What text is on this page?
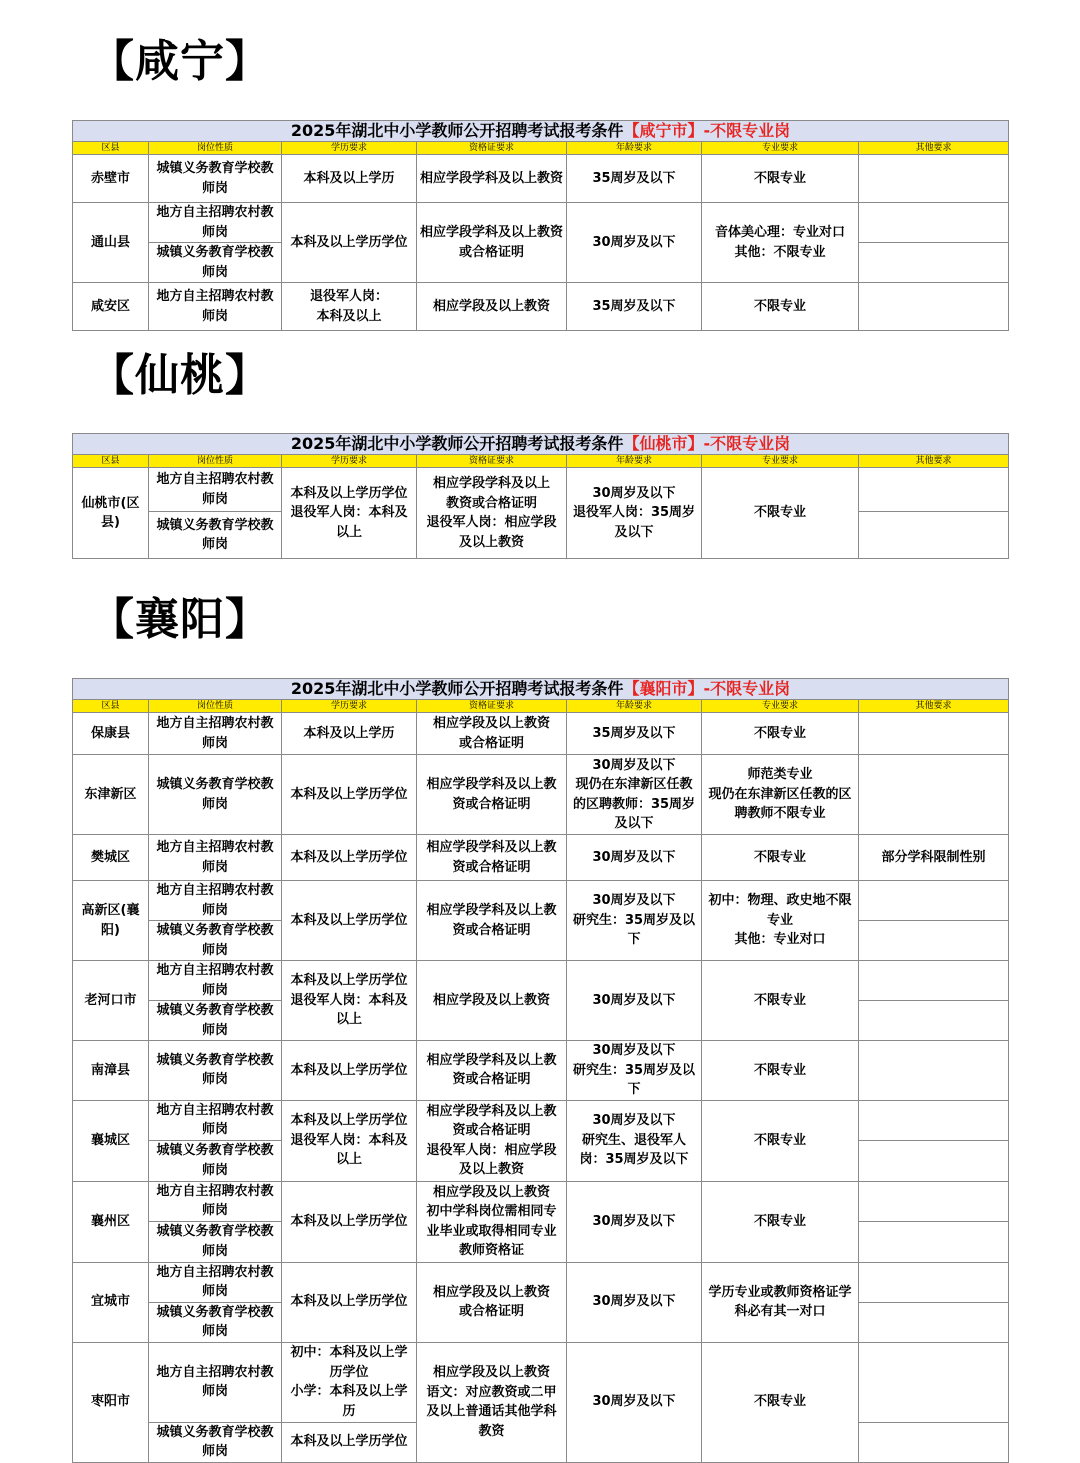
【咸宁】
2025年湖北中小学教师公开招聘考试报考条件【咸宁市】-不限专业岗						
区县	岗位性质	学历要求	资格证要求	年龄要求	专业要求	其他要求
赤壁市	城镇义务教育学校教师岗	本科及以上学历	相应学段学科及以上教资	35周岁及以下	不限专业	
通山县	地方自主招聘农村教师岗	本科及以上学历学位	相应学段学科及以上教资或合格证明	30周岁及以下	音体美心理：专业对口
其他：不限专业	
	城镇义务教育学校教师岗					
咸安区	地方自主招聘农村教师岗	退役军人岗：
本科及以上	相应学段及以上教资	35周岁及以下	不限专业	
【仙桃】
2025年湖北中小学教师公开招聘考试报考条件【仙桃市】-不限专业岗						
区县	岗位性质	学历要求	资格证要求	年龄要求	专业要求	其他要求
仙桃市(区县)	地方自主招聘农村教师岗	本科及以上学历学位
退役军人岗：本科及
以上	相应学段学科及以上
教资或合格证明
退役军人岗：相应学段
及以上教资	30周岁及以下
退役军人岗：35周岁
及以下	不限专业	
	城镇义务教育学校教师岗					
【襄阳】
2025年湖北中小学教师公开招聘考试报考条件【襄阳市】-不限专业岗						
区县	岗位性质	学历要求	资格证要求	年龄要求	专业要求	其他要求
保康县	地方自主招聘农村教师岗	本科及以上学历	相应学段及以上教资
或合格证明	35周岁及以下	不限专业	
东津新区	城镇义务教育学校教师岗	本科及以上学历学位	相应学段学科及以上教
资或合格证明	30周岁及以下
现仍在东津新区任教
的区聘教师：35周岁
及以下	师范类专业
现仍在东津新区任教的区
聘教师不限专业	
樊城区	地方自主招聘农村教师岗	本科及以上学历学位	相应学段学科及以上教
资或合格证明	30周岁及以下	不限专业	部分学科限制性别
高新区(襄阳)	地方自主招聘农村教师岗	本科及以上学历学位	相应学段学科及以上教
资或合格证明	30周岁及以下
研究生：35周岁及以
下	初中：物理、政史地不限
专业
其他：专业对口	
	城镇义务教育学校教师岗					
老河口市	地方自主招聘农村教师岗	本科及以上学历学位
退役军人岗：本科及
以上	相应学段及以上教资	30周岁及以下	不限专业	
	城镇义务教育学校教师岗					
南漳县	城镇义务教育学校教师岗	本科及以上学历学位	相应学段学科及以上教
资或合格证明	30周岁及以下
研究生：35周岁及以
下	不限专业	
襄城区	地方自主招聘农村教师岗	本科及以上学历学位
退役军人岗：本科及
以上	相应学段学科及以上教
资或合格证明
退役军人岗：相应学段
及以上教资	30周岁及以下
研究生、退役军人
岗：35周岁及以下	不限专业	
	城镇义务教育学校教师岗					
襄州区	地方自主招聘农村教师岗	本科及以上学历学位	相应学段及以上教资
初中学科岗位需相同专
业毕业或取得相同专业
教师资格证	30周岁及以下	不限专业	
	城镇义务教育学校教师岗					
宜城市	地方自主招聘农村教师岗	本科及以上学历学位	相应学段及以上教资
或合格证明	30周岁及以下	学历专业或教师资格证学
科必有其一对口	
	城镇义务教育学校教师岗					
枣阳市	地方自主招聘农村教师岗	初中：本科及以上学
历学位
小学：本科及以上学
历	相应学段及以上教资
语文：对应教资或二甲
及以上普通话其他学科
教资	30周岁及以下	不限专业	
	城镇义务教育学校教师岗	本科及以上学历学位				
